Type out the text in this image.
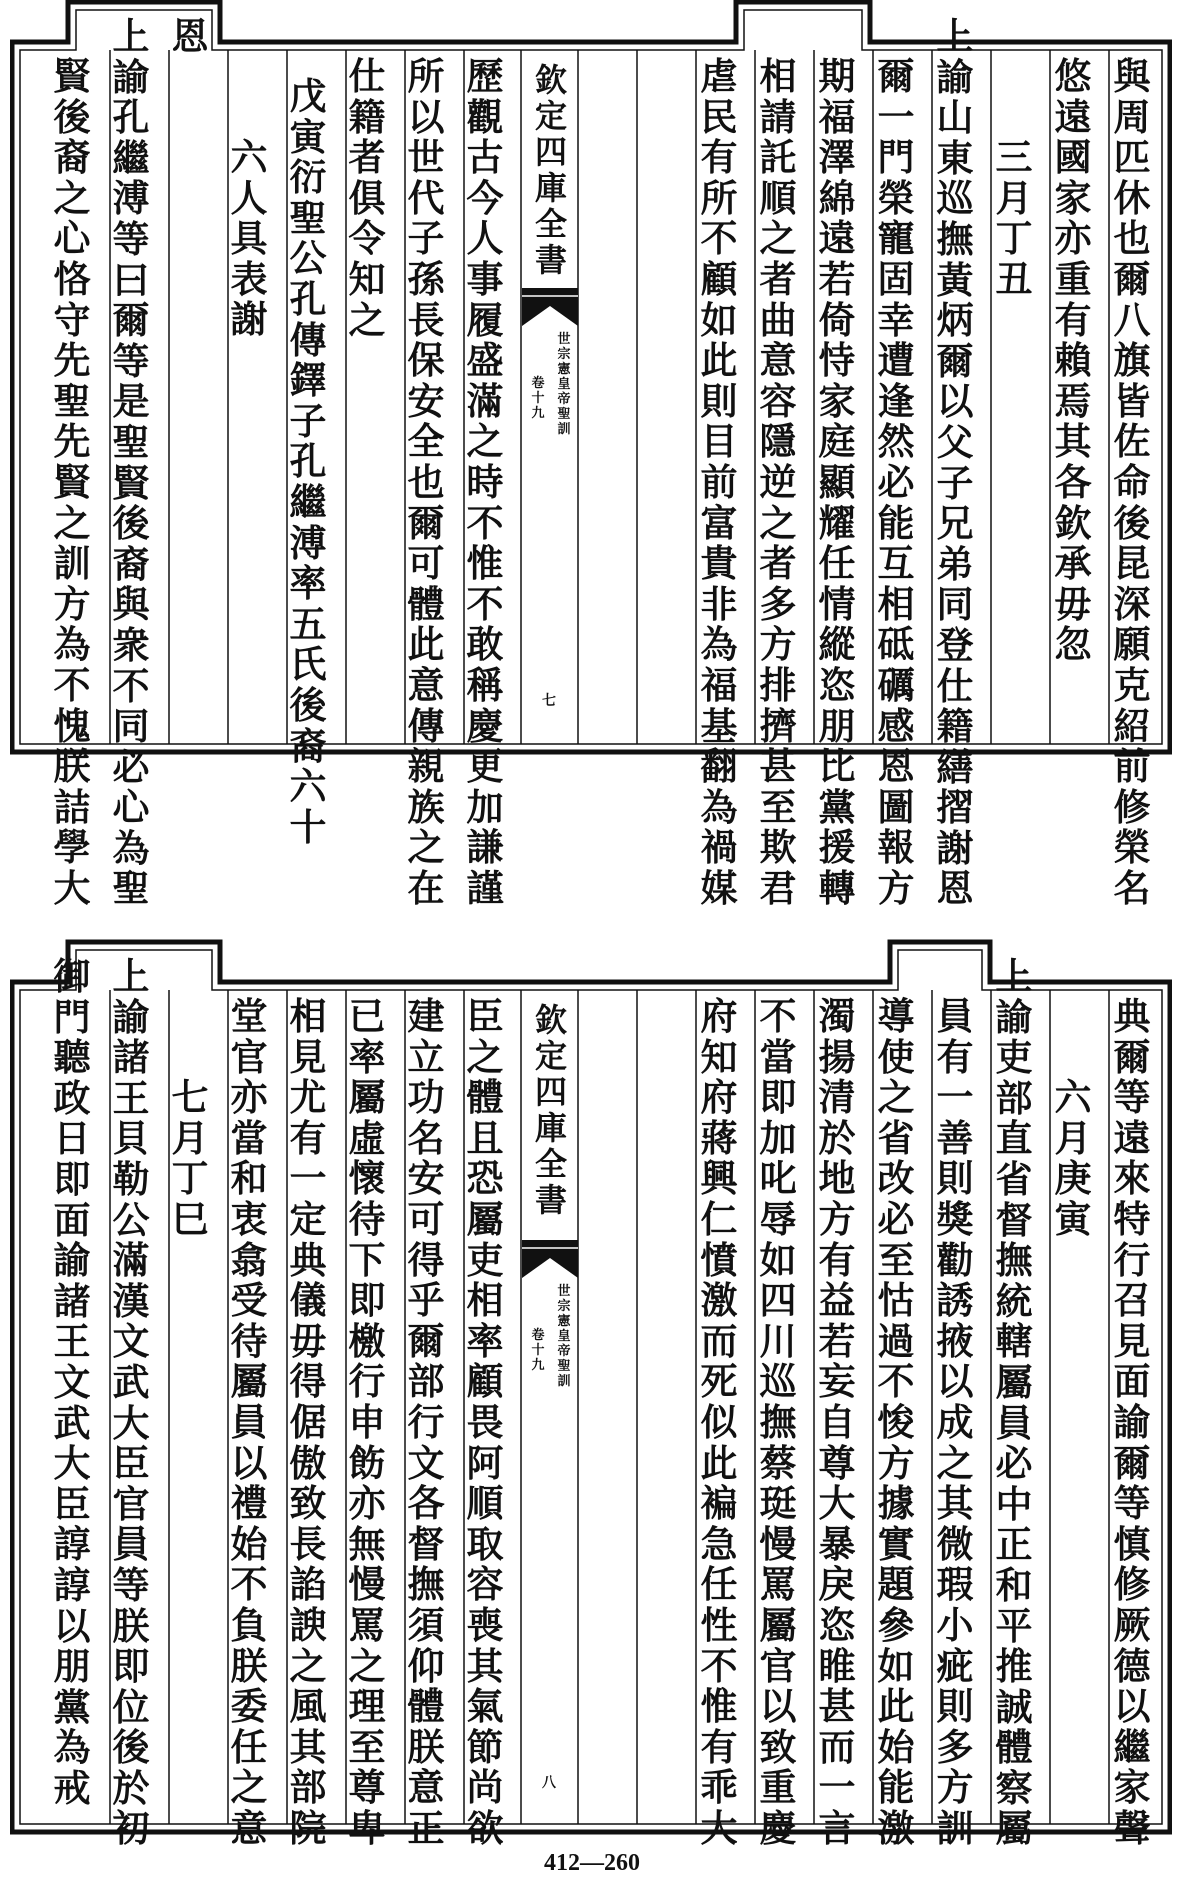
欽
定
四
庫
全
書
世
宗
憲
皇
帝
聖
訓
卷
十
九
七
與
周
匹
休
也
爾
八
旗
皆
佐
命
後
昆
深
願
克
紹
前
修
榮
名
悠
遠
國
家
亦
重
有
賴
焉
其
各
欽
承
毋
忽
三
月
丁
丑
上
諭
山
東
巡
撫
黃
炳
爾
以
父
子
兄
弟
同
登
仕
籍
繕
摺
謝
恩
爾
一
門
榮
寵
固
幸
遭
逢
然
必
能
互
相
砥
礪
感
恩
圖
報
方
期
福
澤
綿
遠
若
倚
恃
家
庭
顯
耀
任
情
縱
恣
朋
比
黨
援
轉
相
請
託
順
之
者
曲
意
容
隱
逆
之
者
多
方
排
擠
甚
至
欺
君
虐
民
有
所
不
顧
如
此
則
目
前
富
貴
非
為
福
基
翻
為
禍
媒
歷
觀
古
今
人
事
履
盛
滿
之
時
不
惟
不
敢
稱
慶
更
加
謙
謹
所
以
世
代
子
孫
長
保
安
全
也
爾
可
體
此
意
傳
親
族
之
在
仕
籍
者
俱
令
知
之
戊
寅
衍
聖
公
孔
傳
鐸
子
孔
繼
溥
率
五
氏
後
裔
六
十
六
人
具
表
謝
恩
上
諭
孔
繼
溥
等
曰
爾
等
是
聖
賢
後
裔
與
衆
不
同
必
心
為
聖
賢
後
裔
之
心
恪
守
先
聖
先
賢
之
訓
方
為
不
愧
朕
詰
學
大
欽
定
四
庫
全
書
世
宗
憲
皇
帝
聖
訓
卷
十
九
八
典
爾
等
遠
來
特
行
召
見
面
諭
爾
等
慎
修
厥
德
以
繼
家
聲
六
月
庚
寅
上
諭
吏
部
直
省
督
撫
統
轄
屬
員
必
中
正
和
平
推
誠
體
察
屬
員
有
一
善
則
獎
勸
誘
掖
以
成
之
其
微
瑕
小
疵
則
多
方
訓
導
使
之
省
改
必
至
怙
過
不
悛
方
據
實
題
參
如
此
始
能
激
濁
揚
清
於
地
方
有
益
若
妄
自
尊
大
暴
戾
恣
睢
甚
而
一
言
不
當
即
加
叱
辱
如
四
川
巡
撫
蔡
珽
慢
罵
屬
官
以
致
重
慶
府
知
府
蔣
興
仁
憤
激
而
死
似
此
褊
急
任
性
不
惟
有
乖
大
臣
之
體
且
恐
屬
吏
相
率
顧
畏
阿
順
取
容
喪
其
氣
節
尚
欲
建
立
功
名
安
可
得
乎
爾
部
行
文
各
督
撫
須
仰
體
朕
意
正
已
率
屬
虛
懷
待
下
即
檄
行
申
飭
亦
無
慢
罵
之
理
至
尊
卑
相
見
尤
有
一
定
典
儀
毋
得
倨
傲
致
長
諂
諛
之
風
其
部
院
堂
官
亦
當
和
衷
翕
受
待
屬
員
以
禮
始
不
負
朕
委
任
之
意
七
月
丁
巳
上
諭
諸
王
貝
勒
公
滿
漢
文
武
大
臣
官
員
等
朕
即
位
後
於
初
御
門
聽
政
日
即
面
諭
諸
王
文
武
大
臣
諄
諄
以
朋
黨
為
戒
412—260
